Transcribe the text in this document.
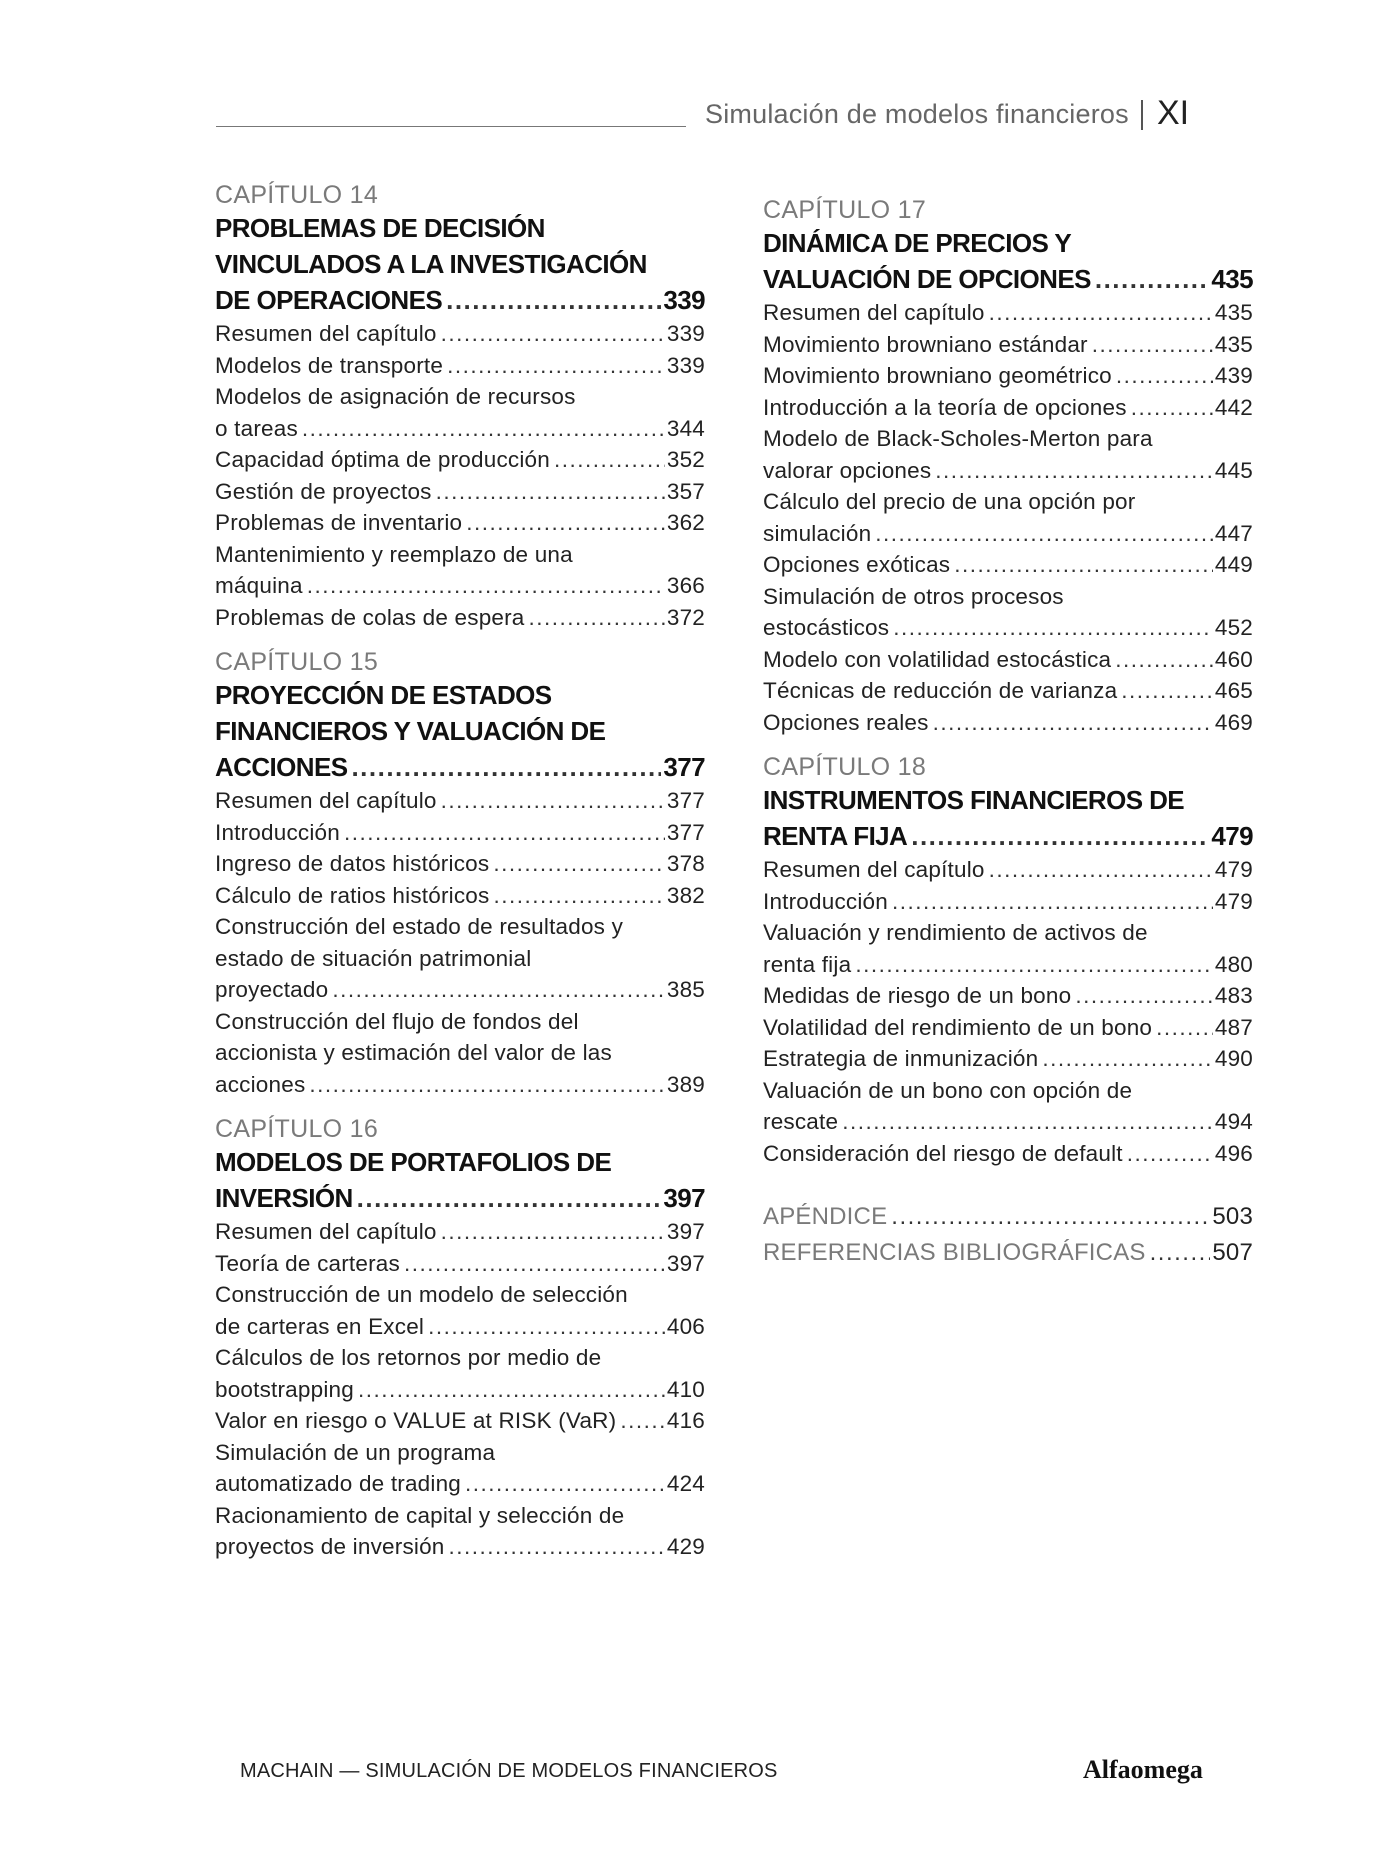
Simulación de modelos financieros XI
CAPÍTULO 14
PROBLEMAS DE DECISIÓN
VINCULADOS A LA INVESTIGACIÓN
DE OPERACIONES .....	339
Resumen del capítulo .....	339
Modelos de transporte .....	339
Modelos de asignación de recursos
o tareas .....	344
Capacidad óptima de producción .....	352
Gestión de proyectos .....	357
Problemas de inventario .....	362
Mantenimiento y reemplazo de una
máquina .....	366
Problemas de colas de espera .....	372
CAPÍTULO 15
PROYECCIÓN DE ESTADOS
FINANCIEROS Y VALUACIÓN DE
ACCIONES .....	377
Resumen del capítulo .....	377
Introducción .....	377
Ingreso de datos históricos .....	378
Cálculo de ratios históricos .....	382
Construcción del estado de resultados y
estado de situación patrimonial
proyectado .....	385
Construcción del flujo de fondos del
accionista y estimación del valor de las
acciones .....	389
CAPÍTULO 16
MODELOS DE PORTAFOLIOS DE
INVERSIÓN .....	397
Resumen del capítulo .....	397
Teoría de carteras .....	397
Construcción de un modelo de selección
de carteras en Excel .....	406
Cálculos de los retornos por medio de
bootstrapping .....	410
Valor en riesgo o VALUE at RISK (VaR) ..... 416
Simulación de un programa
automatizado de trading .....	424
Racionamiento de capital y selección de
proyectos de inversión .....	429
CAPÍTULO 17
DINÁMICA DE PRECIOS Y
VALUACIÓN DE OPCIONES .....	435
Resumen del capítulo .....	435
Movimiento browniano estándar .....	435
Movimiento browniano geométrico .....	439
Introducción a la teoría de opciones .....	442
Modelo de Black-Scholes-Merton para
valorar opciones .....	445
Cálculo del precio de una opción por
simulación .....	447
Opciones exóticas .....	449
Simulación de otros procesos
estocásticos .....	452
Modelo con volatilidad estocástica .....	460
Técnicas de reducción de varianza .....	465
Opciones reales .....	469
CAPÍTULO 18
INSTRUMENTOS FINANCIEROS DE
RENTA FIJA .....	479
Resumen del capítulo .....	479
Introducción .....	479
Valuación y rendimiento de activos de
renta fija .....	480
Medidas de riesgo de un bono .....	483
Volatilidad del rendimiento de un bono .....	487
Estrategia de inmunización .....	490
Valuación de un bono con opción de
rescate .....	494
Consideración del riesgo de default .....	496
APÉNDICE .....	503
REFERENCIAS BIBLIOGRÁFICAS .....	507
MACHAIN — SIMULACIÓN DE MODELOS FINANCIEROS	Alfaomega
